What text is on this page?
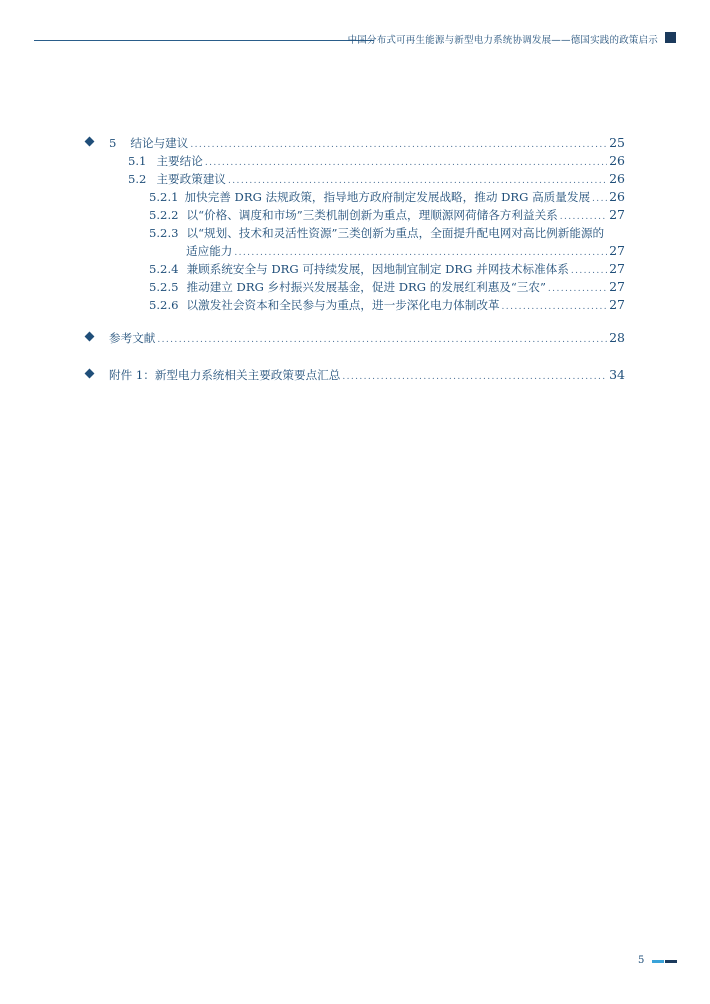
中国分布式可再生能源与新型电力系统协调发展——德国实践的政策启示
5 结论与建议 .....	25
5.1 主要结论 .....	26
5.2 主要政策建议 .....	26
5.2.1 加快完善 DRG 法规政策，指导地方政府制定发展战略，推动 DRG 高质量发展 ..... 26
5.2.2 以“价格、调度和市场”三类机制创新为重点，理顺源网荷储各方利益关系 .....	27
5.2.3 以“规划、技术和灵活性资源”三类创新为重点，全面提升配电网对高比例新能源的
适应能力 .....	27
5.2.4 兼顾系统安全与 DRG 可持续发展，因地制宜制定 DRG 并网技术标准体系 .....	27
5.2.5 推动建立 DRG 乡村振兴发展基金，促进 DRG 的发展红利惠及“三农” .....	27
5.2.6 以激发社会资本和全民参与为重点，进一步深化电力体制改革 .....	27
参考文献 .....	28
附件 1：新型电力系统相关主要政策要点汇总 .....	34
5
